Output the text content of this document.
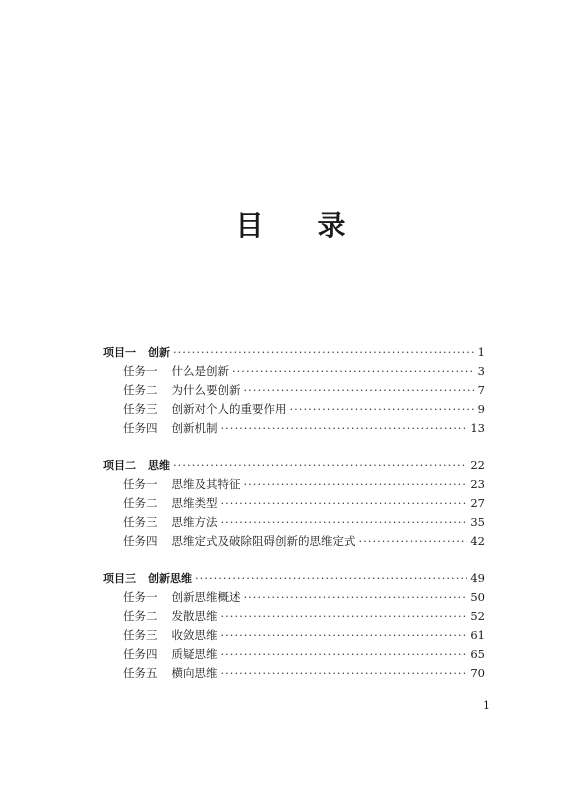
目 录
项目一 创新 ·····	1
任务一 什么是创新 ·····	3
任务二 为什么要创新 ·····	7
任务三 创新对个人的重要作用 ·····	9
任务四 创新机制 ·····	13
项目二 思维 ·····	22
任务一 思维及其特征 ·····	23
任务二 思维类型 ·····	27
任务三 思维方法 ·····	35
任务四 思维定式及破除阻碍创新的思维定式 ·····	42
项目三 创新思维 ·····	49
任务一 创新思维概述 ·····	50
任务二 发散思维 ·····	52
任务三 收敛思维 ·····	61
任务四 质疑思维 ·····	65
任务五 横向思维 ·····	70
1
